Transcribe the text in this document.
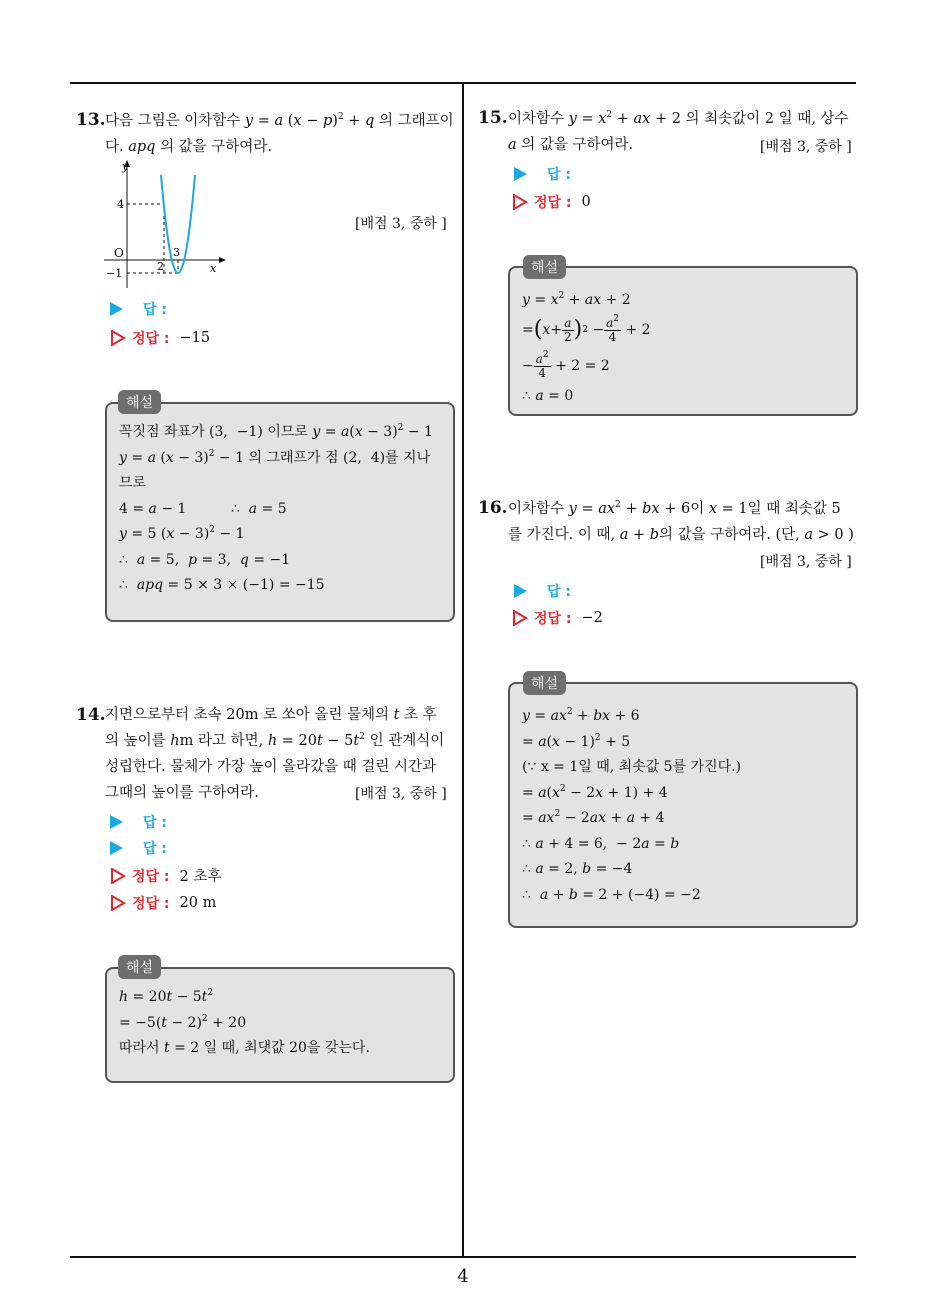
4
13. 다음 그림은 이차함수 y = a $(x - p)^2 + q$ 의 그래프이
다. apq 의 값을 구하여라.
y
x
O
4
−1
2
3
[배점 3, 중하 ]
답 :
정답 : −15
꼭짓점 좌표가 (3,  −1) 이므로 $y = a(x - 3)^2 - 1$
y = a $(x - 3)^2 - 1$ 의 그래프가 점 (2,  4)를 지나
므로
4 = a − 1          ∴  a = 5
y = 5 $(x - 3)^2 - 1$
∴  a = 5,  p = 3,  q = −1
∴  apq = 5 × 3 × (−1) = −15
해설
14. 지면으로부터 초속 20m 로 쏘아 올린 물체의 t 초 후
의 높이를 hm 라고 하면, $h = 20t - 5t^2$ 인 관계식이
성립한다. 물체가 가장 높이 올라갔을 때 걸린 시간과
그때의 높이를 구하여라.	[배점 3, 중하 ]
답 :
답 :
정답 : 2 초후
정답 : 20 m
$h = 20t - 5t^2$
= $-5(t - 2)^2 + 20$
따라서 t = 2 일 때, 최댓값 20을 갖는다.
해설
15. 이차함수 $y = x^2$ + ax + 2 의 최솟값이 2 일 때, 상수
a 의 값을 구하여라.	[배점 3, 중하 ]
답 :
정답 : 0
$y = x^2$ + ax + 2
= ( $x + \frac{a}{2}$ ) $2 - \frac{a^2}{4} + 2$
− $\frac{a^2}{4} + 2 = 2$
∴ a = 0
해설
16. 이차함수 $y = ax^2$ + bx + 6이 x = 1일 때 최솟값 5
를 가진다. 이 때, a + b의 값을 구하여라. (단, a > 0 )
[배점 3, 중하 ]
답 :
정답 : −2
$y = ax^2$ + bx + 6
= $a(x - 1)^2 + 5$
(∵ x = 1일 때, 최솟값 5를 가진다.)
= $a(x^2 - 2x + 1) + 4$
= $ax^2 - 2ax + a + 4$
∴ a + 4 = 6,  − 2a = b
∴ a = 2, b = −4
∴  a + b = 2 + (−4) = −2
해설
